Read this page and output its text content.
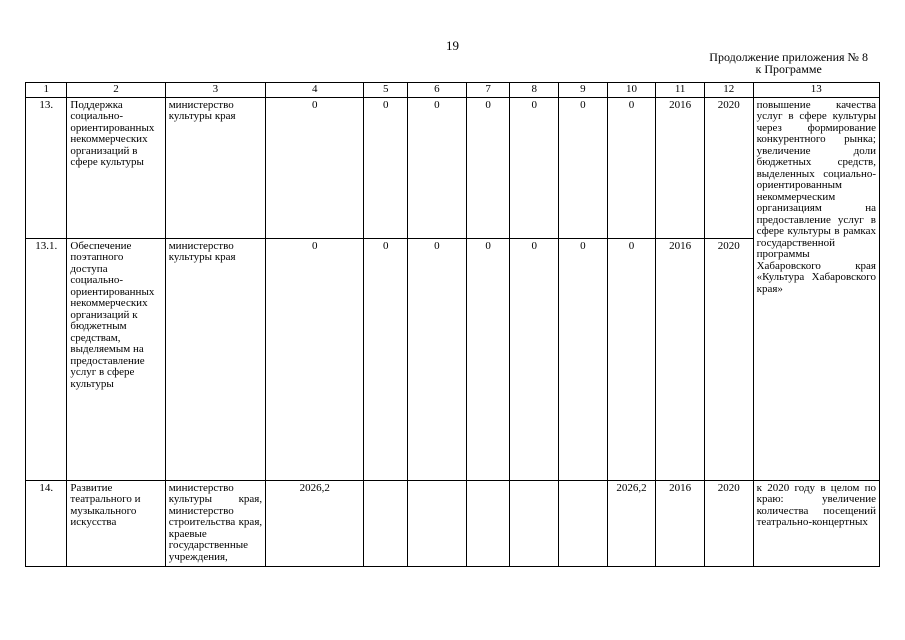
19
Продолжение приложения № 8
к Программе
1	2	3	4	5	6	7	8	9	10	11	12	13
13.	Поддержка социально-ориентированных некоммерческих организаций в сфере культуры	министерство культуры края	0	0	0	0	0	0	0	2016	2020	повышение качества услуг в сфере культуры через формирование конкурентного рынка; увеличение доли бюджетных средств, выделенных социально-ориентированным некоммерческим организациям на предоставление услуг в сфере культуры в рамках государственной программы Хабаровского края «Культура Хабаровского края»
13.1.	Обеспечение поэтапного доступа социально-ориентированных некоммерческих организаций к бюджетным средствам, выделяемым на предоставление услуг в сфере культуры	министерство культуры края	0	0	0	0	0	0	0	2016	2020	
14.	Развитие театрального и музыкального искусства	министерство культуры края, министерство строительства края, краевые государственные учреждения,	2026,2						2026,2	2016	2020	к 2020 году в целом по краю: увеличение количества посещений театрально-концертных
